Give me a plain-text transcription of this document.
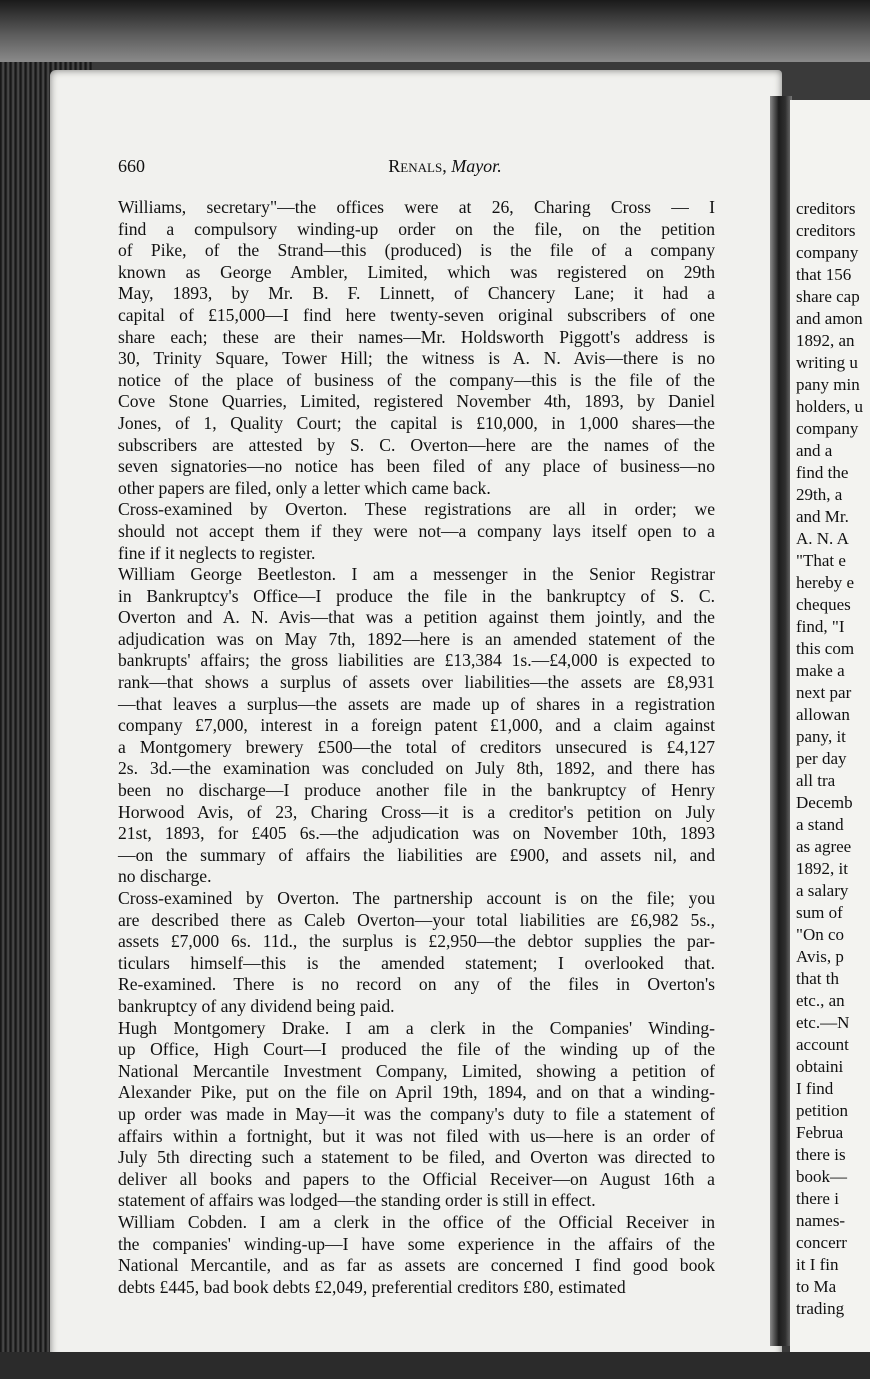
creditors
creditors
company
that 156
share cap
and amon
1892, an
writing u
pany min
holders, u
company
and a
find the
29th, a
and Mr.
A. N. A
"That e
hereby e
cheques
find, "I
this com
make a
next par
allowan
pany, it
per day
all tra
Decemb
a stand
as agree
1892, it
a salary
sum of
"On co
Avis, p
that th
etc., an
etc.—N
account
obtaini
I find
petition
Februa
there is
book—
there i
names-
concerr
it I fin
to Ma
trading
660	Renals, Mayor.
Williams, secretary"—the offices were at 26, Charing Cross — I
find a compulsory winding-up order on the file, on the petition
of Pike, of the Strand—this (produced) is the file of a company
known as George Ambler, Limited, which was registered on 29th
May, 1893, by Mr. B. F. Linnett, of Chancery Lane; it had a
capital of £15,000—I find here twenty-seven original subscribers of one
share each; these are their names—Mr. Holdsworth Piggott's address is
30, Trinity Square, Tower Hill; the witness is A. N. Avis—there is no
notice of the place of business of the company—this is the file of the
Cove Stone Quarries, Limited, registered November 4th, 1893, by Daniel
Jones, of 1, Quality Court; the capital is £10,000, in 1,000 shares—the
subscribers are attested by S. C. Overton—here are the names of the
seven signatories—no notice has been filed of any place of business—no
other papers are filed, only a letter which came back.
Cross-examined by Overton. These registrations are all in order; we
should not accept them if they were not—a company lays itself open to a
fine if it neglects to register.
William George Beetleston. I am a messenger in the Senior Registrar
in Bankruptcy's Office—I produce the file in the bankruptcy of S. C.
Overton and A. N. Avis—that was a petition against them jointly, and the
adjudication was on May 7th, 1892—here is an amended statement of the
bankrupts' affairs; the gross liabilities are £13,384 1s.—£4,000 is expected to
rank—that shows a surplus of assets over liabilities—the assets are £8,931
—that leaves a surplus—the assets are made up of shares in a registration
company £7,000, interest in a foreign patent £1,000, and a claim against
a Montgomery brewery £500—the total of creditors unsecured is £4,127
2s. 3d.—the examination was concluded on July 8th, 1892, and there has
been no discharge—I produce another file in the bankruptcy of Henry
Horwood Avis, of 23, Charing Cross—it is a creditor's petition on July
21st, 1893, for £405 6s.—the adjudication was on November 10th, 1893
—on the summary of affairs the liabilities are £900, and assets nil, and
no discharge.
Cross-examined by Overton. The partnership account is on the file; you
are described there as Caleb Overton—your total liabilities are £6,982 5s.,
assets £7,000 6s. 11d., the surplus is £2,950—the debtor supplies the par-
ticulars himself—this is the amended statement; I overlooked that.
Re-examined. There is no record on any of the files in Overton's
bankruptcy of any dividend being paid.
Hugh Montgomery Drake. I am a clerk in the Companies' Winding-
up Office, High Court—I produced the file of the winding up of the
National Mercantile Investment Company, Limited, showing a petition of
Alexander Pike, put on the file on April 19th, 1894, and on that a winding-
up order was made in May—it was the company's duty to file a statement of
affairs within a fortnight, but it was not filed with us—here is an order of
July 5th directing such a statement to be filed, and Overton was directed to
deliver all books and papers to the Official Receiver—on August 16th a
statement of affairs was lodged—the standing order is still in effect.
William Cobden. I am a clerk in the office of the Official Receiver in
the companies' winding-up—I have some experience in the affairs of the
National Mercantile, and as far as assets are concerned I find good book
debts £445, bad book debts £2,049, preferential creditors £80, estimated
